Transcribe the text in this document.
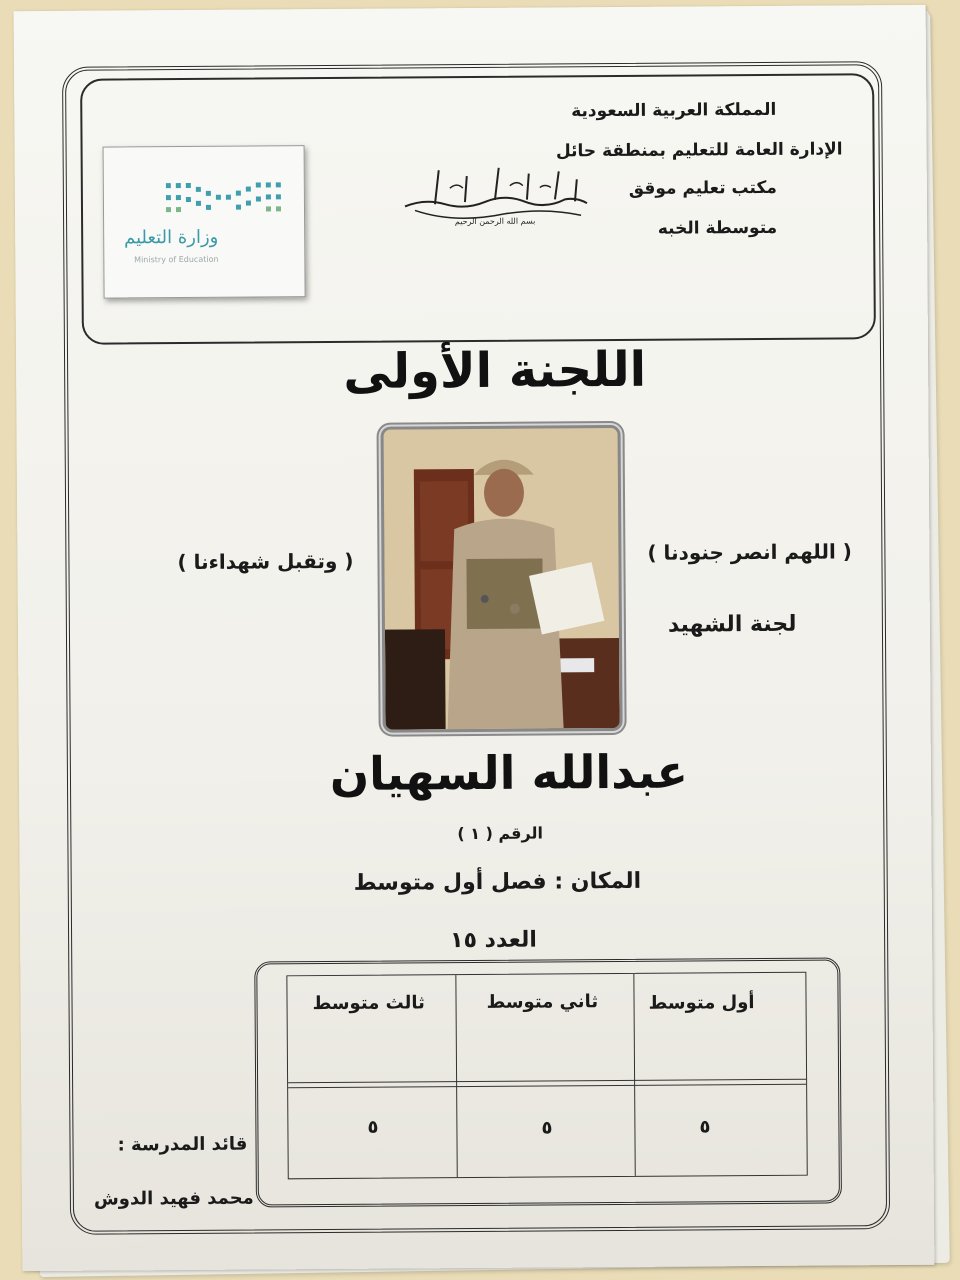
المملكة العربية السعودية
الإدارة العامة للتعليم بمنطقة حائل
مكتب تعليم موقق
متوسطة الخبه
بسم الله الرحمن الرحيم
وزارة التعليم
Ministry of Education
اللجنة الأولى
( وتقبل شهداءنا )	( اللهم انصر جنودنا )
لجنة الشهيد
عبدالله السهيان
الرقم ( ١ )
المكان : فصل أول متوسط
العدد ١٥
أول متوسط
ثاني متوسط
ثالث متوسط
٥
٥
٥
قائد المدرسة :
محمد فهيد الدوش
